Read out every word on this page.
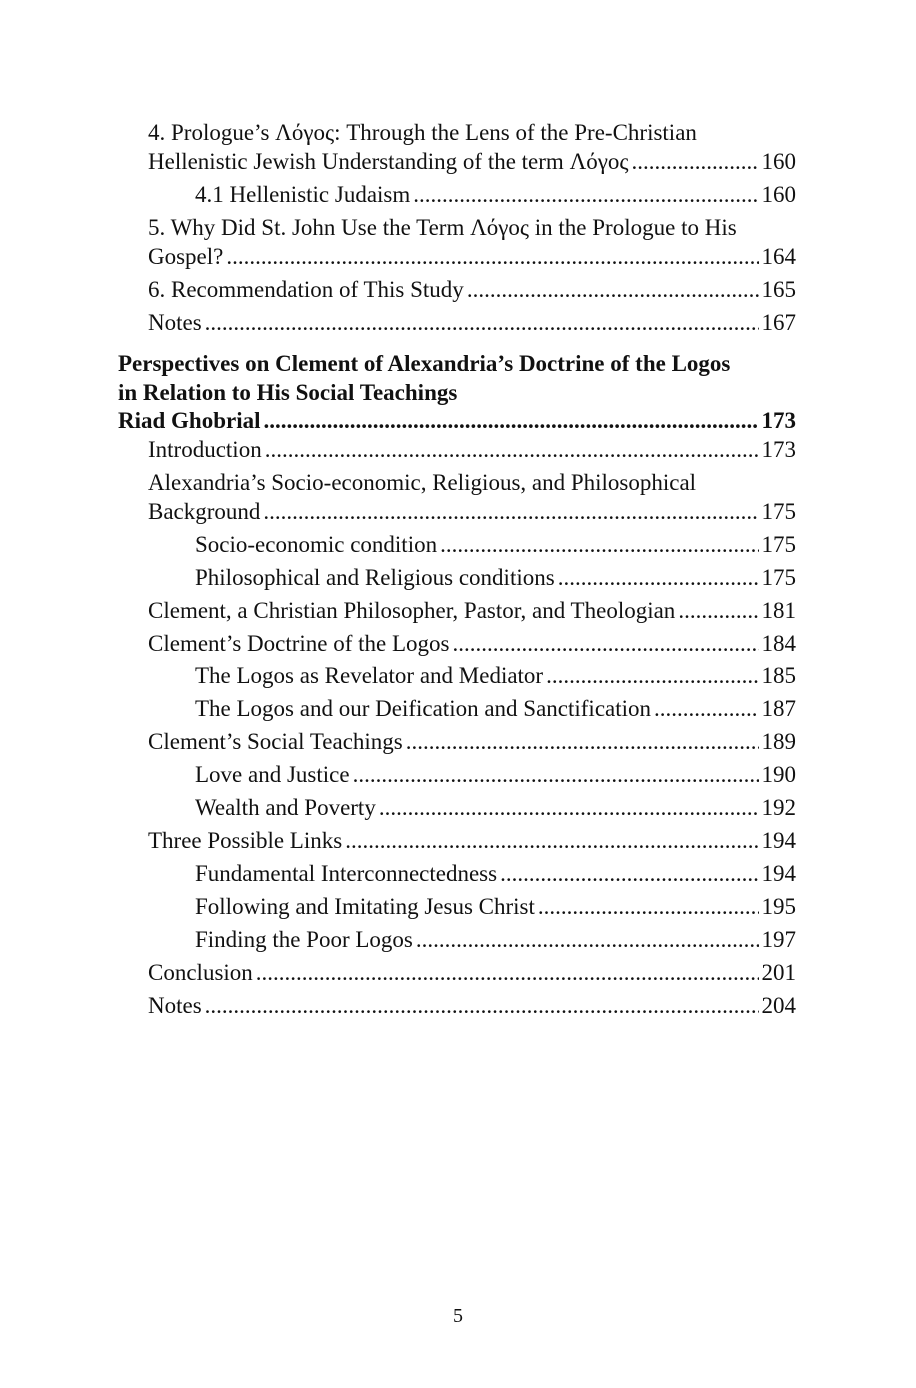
4. Prologue’s Λόγος: Through the Lens of the Pre-Christian
Hellenistic Jewish Understanding of the term Λόγος .....	160
4.1 Hellenistic Judaism .....	160
5. Why Did St. John Use the Term Λόγος in the Prologue to His
Gospel? .....	164
6. Recommendation of This Study .....	165
Notes .....	167
Perspectives on Clement of Alexandria’s Doctrine of the Logos
in Relation to His Social Teachings
Riad Ghobrial .....	173
Introduction .....	173
Alexandria’s Socio-economic, Religious, and Philosophical
Background .....	175
Socio-economic condition .....	175
Philosophical and Religious conditions .....	175
Clement, a Christian Philosopher, Pastor, and Theologian .....	181
Clement’s Doctrine of the Logos .....	184
The Logos as Revelator and Mediator .....	185
The Logos and our Deification and Sanctification .....	187
Clement’s Social Teachings .....	189
Love and Justice .....	190
Wealth and Poverty .....	192
Three Possible Links .....	194
Fundamental Interconnectedness .....	194
Following and Imitating Jesus Christ .....	195
Finding the Poor Logos .....	197
Conclusion .....	201
Notes .....	204
5
